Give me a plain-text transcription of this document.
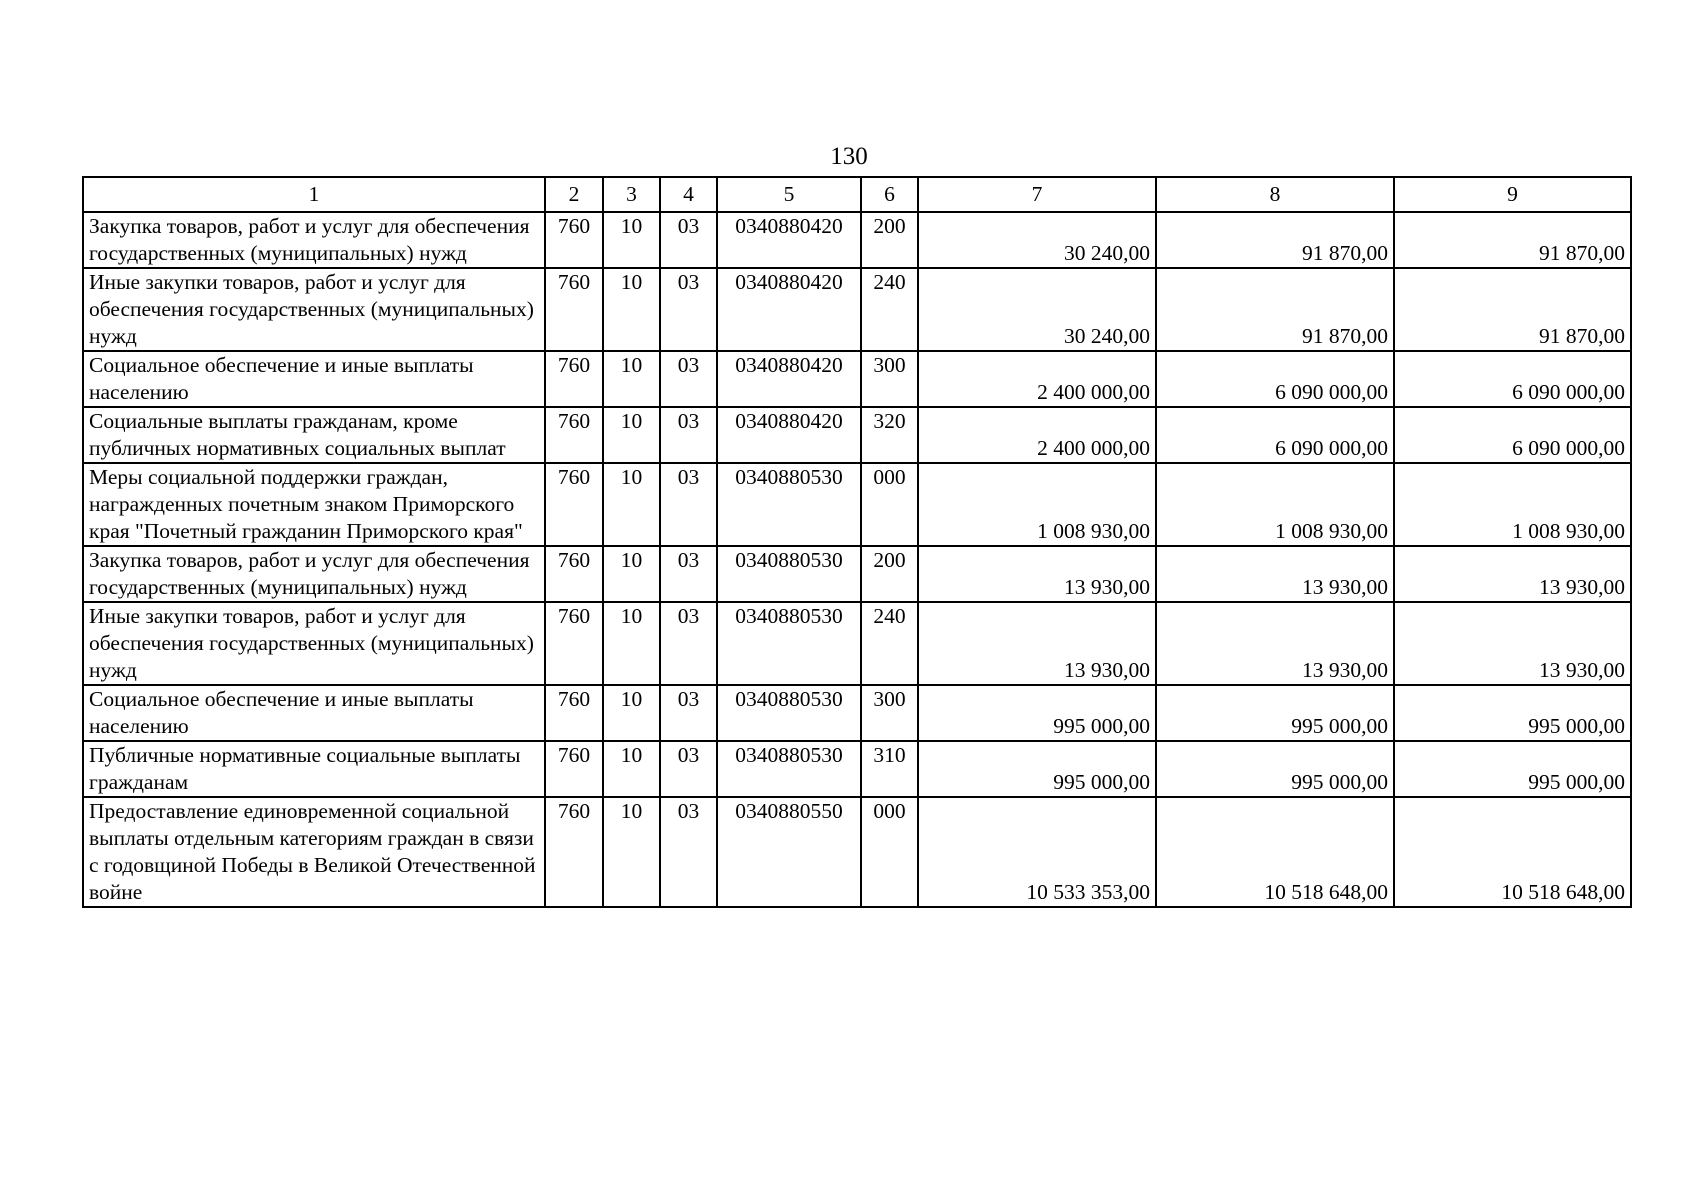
130
1	2	3	4	5	6	7	8	9
Закупка товаров, работ и услуг для обеспечения государственных (муниципальных) нужд	760	10	03	0340880420	200	30 240,00	91 870,00	91 870,00
Иные закупки товаров, работ и услуг для обеспечения государственных (муниципальных) нужд	760	10	03	0340880420	240	30 240,00	91 870,00	91 870,00
Социальное обеспечение и иные выплаты населению	760	10	03	0340880420	300	2 400 000,00	6 090 000,00	6 090 000,00
Социальные выплаты гражданам, кроме публичных нормативных социальных выплат	760	10	03	0340880420	320	2 400 000,00	6 090 000,00	6 090 000,00
Меры социальной поддержки граждан, награжденных почетным знаком Приморского края "Почетный гражданин Приморского края"	760	10	03	0340880530	000	1 008 930,00	1 008 930,00	1 008 930,00
Закупка товаров, работ и услуг для обеспечения государственных (муниципальных) нужд	760	10	03	0340880530	200	13 930,00	13 930,00	13 930,00
Иные закупки товаров, работ и услуг для обеспечения государственных (муниципальных) нужд	760	10	03	0340880530	240	13 930,00	13 930,00	13 930,00
Социальное обеспечение и иные выплаты населению	760	10	03	0340880530	300	995 000,00	995 000,00	995 000,00
Публичные нормативные социальные выплаты гражданам	760	10	03	0340880530	310	995 000,00	995 000,00	995 000,00
Предоставление единовременной социальной выплаты отдельным категориям граждан в связи с годовщиной Победы в Великой Отечественной войне	760	10	03	0340880550	000	10 533 353,00	10 518 648,00	10 518 648,00
